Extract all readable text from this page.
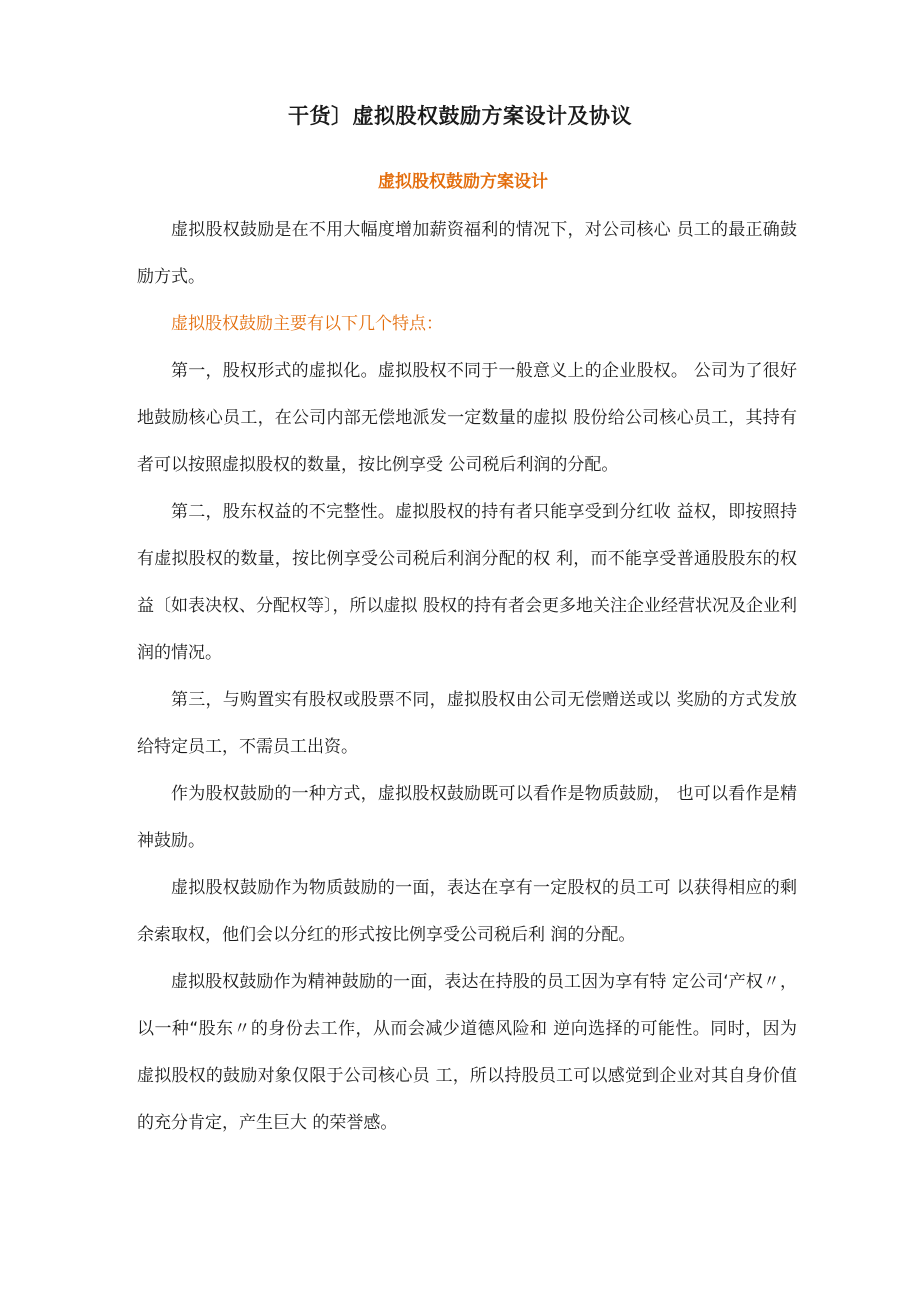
干货〕虚拟股权鼓励方案设计及协议
虚拟股权鼓励方案设计

虚拟股权鼓励是在不用大幅度增加薪资福利的情况下，对公司核心 员工的最正确鼓励方式。

虚拟股权鼓励主要有以下几个特点：

第一，股权形式的虚拟化。虚拟股权不同于一般意义上的企业股权。 公司为了很好地鼓励核心员工，在公司内部无偿地派发一定数量的虚拟 股份给公司核心员工，其持有者可以按照虚拟股权的数量，按比例享受 公司税后利润的分配。

第二，股东权益的不完整性。虚拟股权的持有者只能享受到分红收 益权，即按照持有虚拟股权的数量，按比例享受公司税后利润分配的权 利，而不能享受普通股股东的权益〔如表决权、分配权等〕，所以虚拟 股权的持有者会更多地关注企业经营状况及企业利润的情况。

第三，与购置实有股权或股票不同，虚拟股权由公司无偿赠送或以 奖励的方式发放给特定员工，不需员工出资。

作为股权鼓励的一种方式，虚拟股权鼓励既可以看作是物质鼓励， 也可以看作是精神鼓励。

虚拟股权鼓励作为物质鼓励的一面，表达在享有一定股权的员工可 以获得相应的剩余索取权，他们会以分红的形式按比例享受公司税后利 润的分配。

虚拟股权鼓励作为精神鼓励的一面，表达在持股的员工因为享有特 定公司‘产权〃，以一种“股东〃的身份去工作，从而会减少道德风险和 逆向选择的可能性。同时，因为虚拟股权的鼓励对象仅限于公司核心员 工，所以持股员工可以感觉到企业对其自身价值的充分肯定，产生巨大 的荣誉感。
